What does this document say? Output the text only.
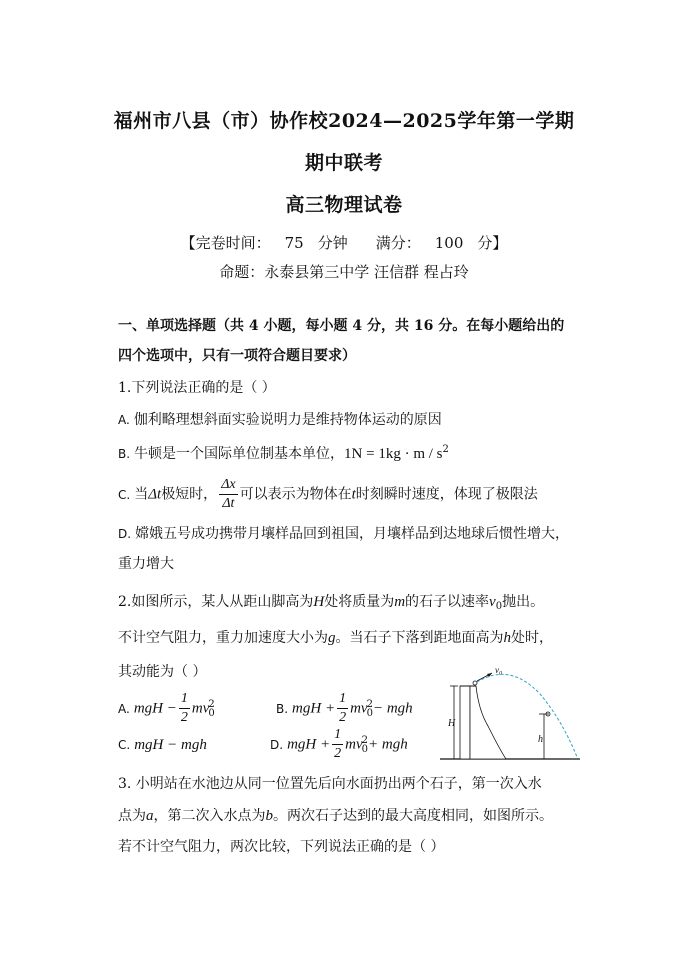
福州市八县（市）协作校2024—2025学年第一学期
期中联考
高三物理试卷
【完卷时间： 75 分钟 满分： 100 分】
命题：永泰县第三中学 汪信群 程占玲
一、单项选择题（共 4 小题，每小题 4 分，共 16 分。在每小题给出的
四个选项中，只有一项符合题目要求）
1.下列说法正确的是（ ）
A. 伽利略理想斜面实验说明力是维持物体运动的原因
B. 牛顿是一个国际单位制基本单位，$1N = 1kg \cdot m / s^2$
C. 当Δt极短时， $\frac{\Delta x}{\Delta t}$ 可以表示为物体在t时刻瞬时速度，体现了极限法
D. 嫦娥五号成功携带月壤样品回到祖国，月壤样品到达地球后惯性增大，
重力增大
2.如图所示，某人从距山脚高为H处将质量为m的石子以速率$v_0$抛出。
不计空气阻力，重力加速度大小为g。当石子下落到距地面高为h处时，
其动能为（ ）
A. mgH − $\frac{1}{2}$ mv 2
0	B. mgH + $\frac{1}{2}$ mv 2
0 − mgh
C. mgH − mgh	D. mgH + $\frac{1}{2}$ mv 2
0 + mgh
H
$v_0$
h
3. 小明站在水池边从同一位置先后向水面扔出两个石子，第一次入水
点为a，第二次入水点为b。两次石子达到的最大高度相同，如图所示。
若不计空气阻力，两次比较，下列说法正确的是（ ）
